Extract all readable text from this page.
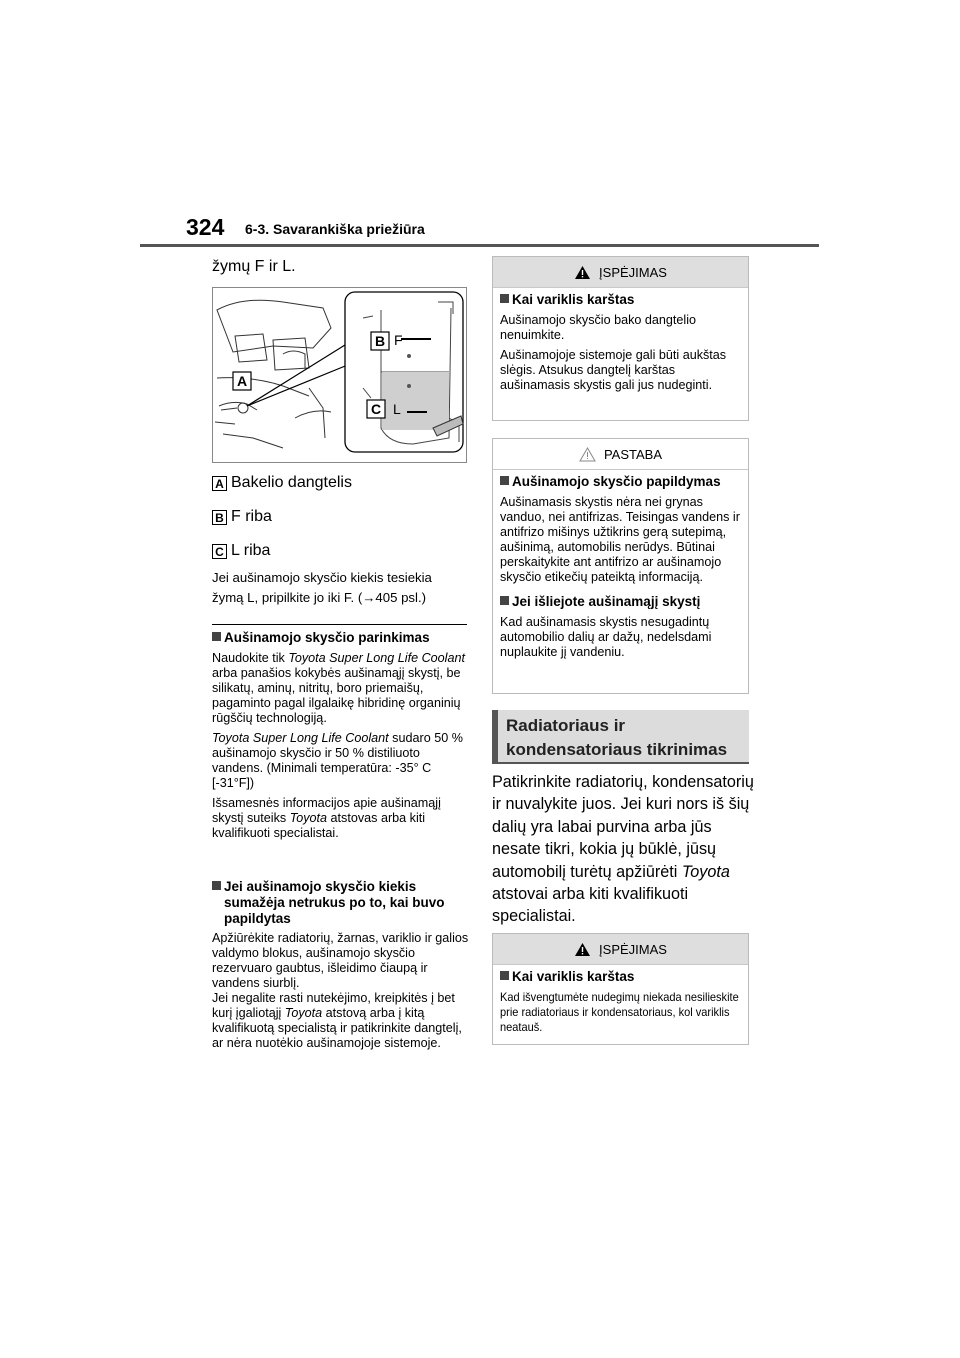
324 6-3. Savarankiška priežiūra
žymų F ir L.
A
B
C
F
L
A Bakelio dangtelis
B F riba
C L riba
Jei aušinamojo skysčio kiekis tesiekia
žymą L, pripilkite jo iki F. (→405 psl.)
Aušinamojo skysčio parinkimas
Naudokite tik Toyota Super Long Life Coolant arba panašios kokybės aušinamąjį skystį, be silikatų, aminų, nitritų, boro priemaišų, pagaminto pagal ilgalaikę hibridinę organinių rūgščių technologiją.
Toyota Super Long Life Coolant sudaro 50 % aušinamojo skysčio ir 50 % distiliuoto vandens. (Minimali temperatūra: -35° C [-31°F])
Išsamesnės informacijos apie aušinamąjį skystį suteiks Toyota atstovas arba kiti kvalifikuoti specialistai.
Jei aušinamojo skysčio kiekis sumažėja netrukus po to, kai buvo papildytas
Apžiūrėkite radiatorių, žarnas, variklio ir galios valdymo blokus, aušinamojo skysčio rezervuaro gaubtus, išleidimo čiaupą ir vandens siurblį.
Jei negalite rasti nutekėjimo, kreipkitės į bet kurį įgaliotąjį Toyota atstovą arba į kitą kvalifikuotą specialistą ir patikrinkite dangtelį, ar nėra nuotėkio aušinamojoje sistemoje.
ĮSPĖJIMAS
Kai variklis karštas
Aušinamojo skysčio bako dangtelio nenuimkite.
Aušinamojoje sistemoje gali būti aukštas slėgis. Atsukus dangtelį karštas aušinamasis skystis gali jus nudeginti.
PASTABA
Aušinamojo skysčio papildymas
Aušinamasis skystis nėra nei grynas vanduo, nei antifrizas. Teisingas vandens ir antifrizo mišinys užtikrins gerą sutepimą, aušinimą, automobilis nerūdys. Būtinai perskaitykite ant antifrizo ar aušinamojo skysčio etikečių pateiktą informaciją.
Jei išliejote aušinamąjį skystį
Kad aušinamasis skystis nesugadintų automobilio dalių ar dažų, nedelsdami nuplaukite jį vandeniu.
Radiatoriaus ir
kondensatoriaus tikrinimas
Patikrinkite radiatorių, kondensatorių ir nuvalykite juos. Jei kuri nors iš šių dalių yra labai purvina arba jūs nesate tikri, kokia jų būklė, jūsų automobilį turėtų apžiūrėti Toyota atstovai arba kiti kvalifikuoti specialistai.
ĮSPĖJIMAS
Kai variklis karštas
Kad išvengtumėte nudegimų niekada nesilieskite prie radiatoriaus ir kondensatoriaus, kol variklis neatauš.
